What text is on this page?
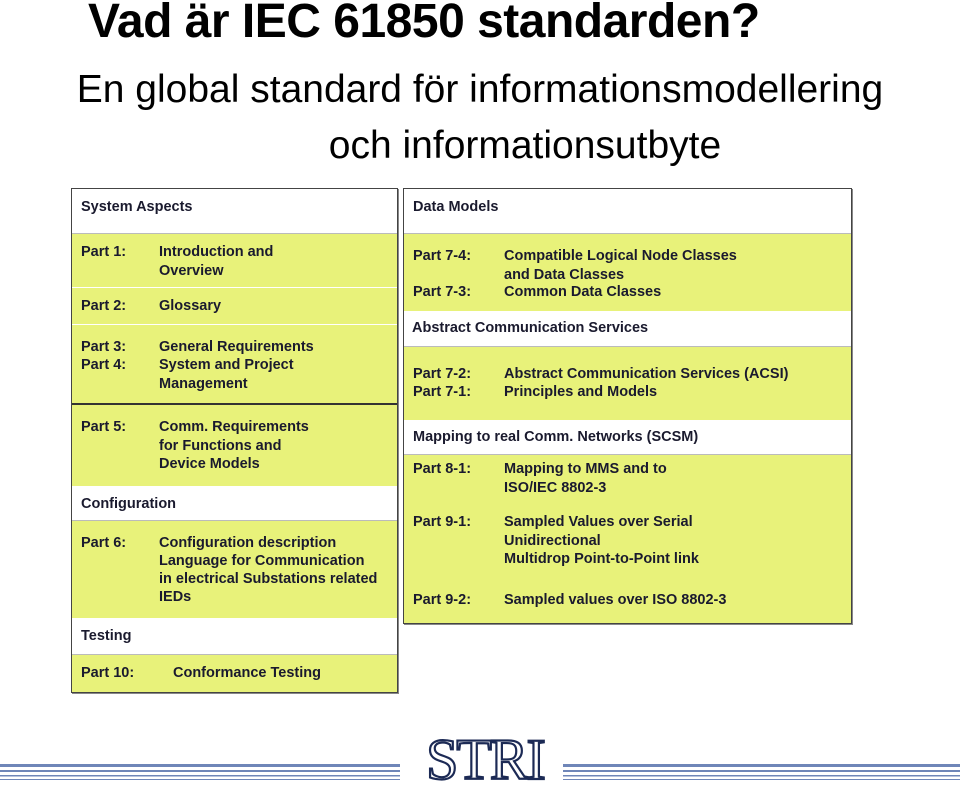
Vad är IEC 61850 standarden?
En global standard för informationsmodellering
och informationsutbyte
System Aspects
Part 1: Introduction and
Overview
Part 2: Glossary
Part 3: General Requirements
Part 4: System and Project
Management
Part 5: Comm. Requirements
for Functions and
Device Models
Configuration
Part 6: Configuration description
Language for Communication
in electrical Substations related
IEDs
Testing
Part 10:	Conformance Testing
Data Models
Part 7-4: Compatible Logical Node Classes
and Data Classes
Part 7-3: Common Data Classes
Abstract Communication Services
Part 7-2: Abstract Communication Services (ACSI)
Part 7-1: Principles and Models
Mapping to real Comm. Networks (SCSM)
Part 8-1: Mapping to MMS and to
ISO/IEC 8802-3
Part 9-1: Sampled Values over Serial
Unidirectional
Multidrop Point-to-Point link
Part 9-2: Sampled values over ISO 8802-3
STRI
